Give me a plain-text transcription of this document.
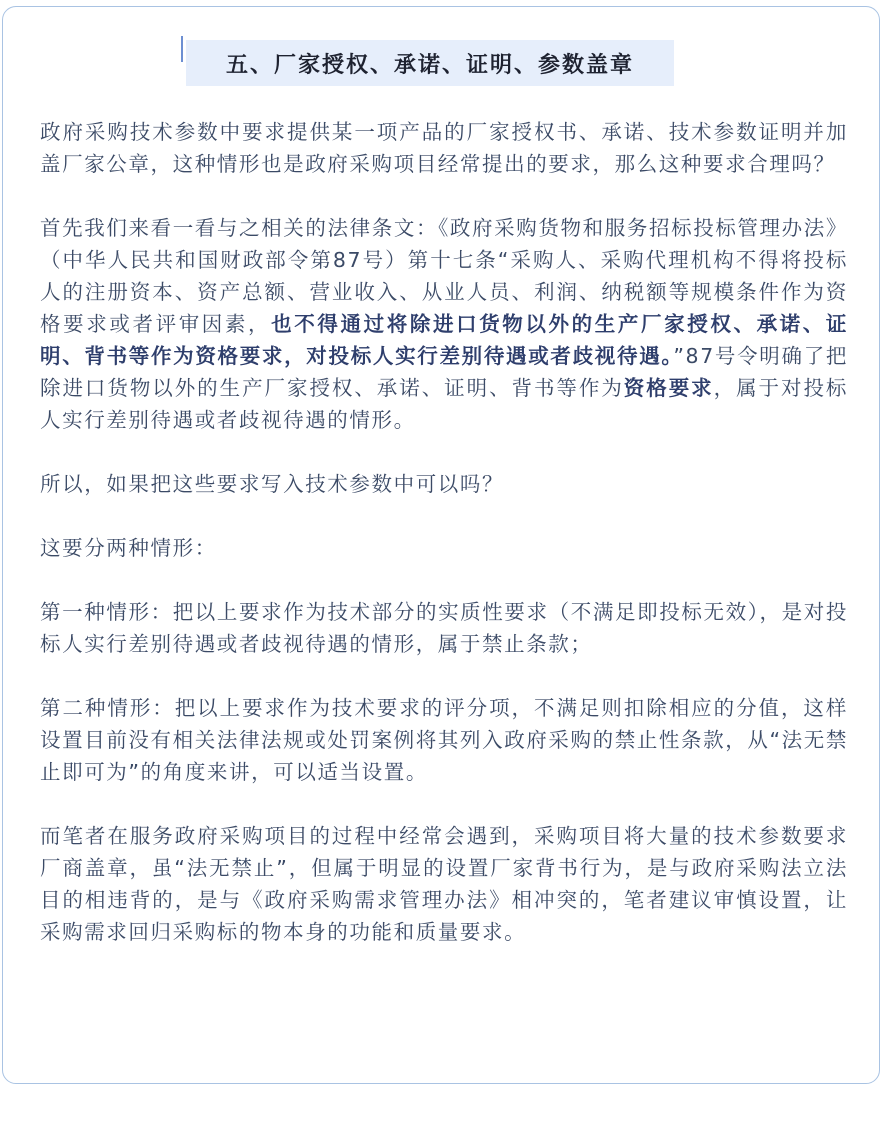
五、厂家授权、承诺、证明、参数盖章

政府采购技术参数中要求提供某一项产品的厂家授权书、承诺、技术参数证明并加盖厂家公章，这种情形也是政府采购项目经常提出的要求，那么这种要求合理吗？

首先我们来看一看与之相关的法律条文：《政府采购货物和服务招标投标管理办法》（中华人民共和国财政部令第87号）第十七条“采购人、采购代理机构不得将投标人的注册资本、资产总额、营业收入、从业人员、利润、纳税额等规模条件作为资格要求或者评审因素，也不得通过将除进口货物以外的生产厂家授权、承诺、证明、背书等作为资格要求，对投标人实行差别待遇或者歧视待遇。”87号令明确了把除进口货物以外的生产厂家授权、承诺、证明、背书等作为资格要求，属于对投标人实行差别待遇或者歧视待遇的情形。

所以，如果把这些要求写入技术参数中可以吗？

这要分两种情形：

第一种情形：把以上要求作为技术部分的实质性要求（不满足即投标无效），是对投标人实行差别待遇或者歧视待遇的情形，属于禁止条款；

第二种情形：把以上要求作为技术要求的评分项，不满足则扣除相应的分值，这样设置目前没有相关法律法规或处罚案例将其列入政府采购的禁止性条款，从“法无禁止即可为”的角度来讲，可以适当设置。

而笔者在服务政府采购项目的过程中经常会遇到，采购项目将大量的技术参数要求厂商盖章，虽“法无禁止”，但属于明显的设置厂家背书行为，是与政府采购法立法目的相违背的，是与《政府采购需求管理办法》相冲突的，笔者建议审慎设置，让采购需求回归采购标的物本身的功能和质量要求。
